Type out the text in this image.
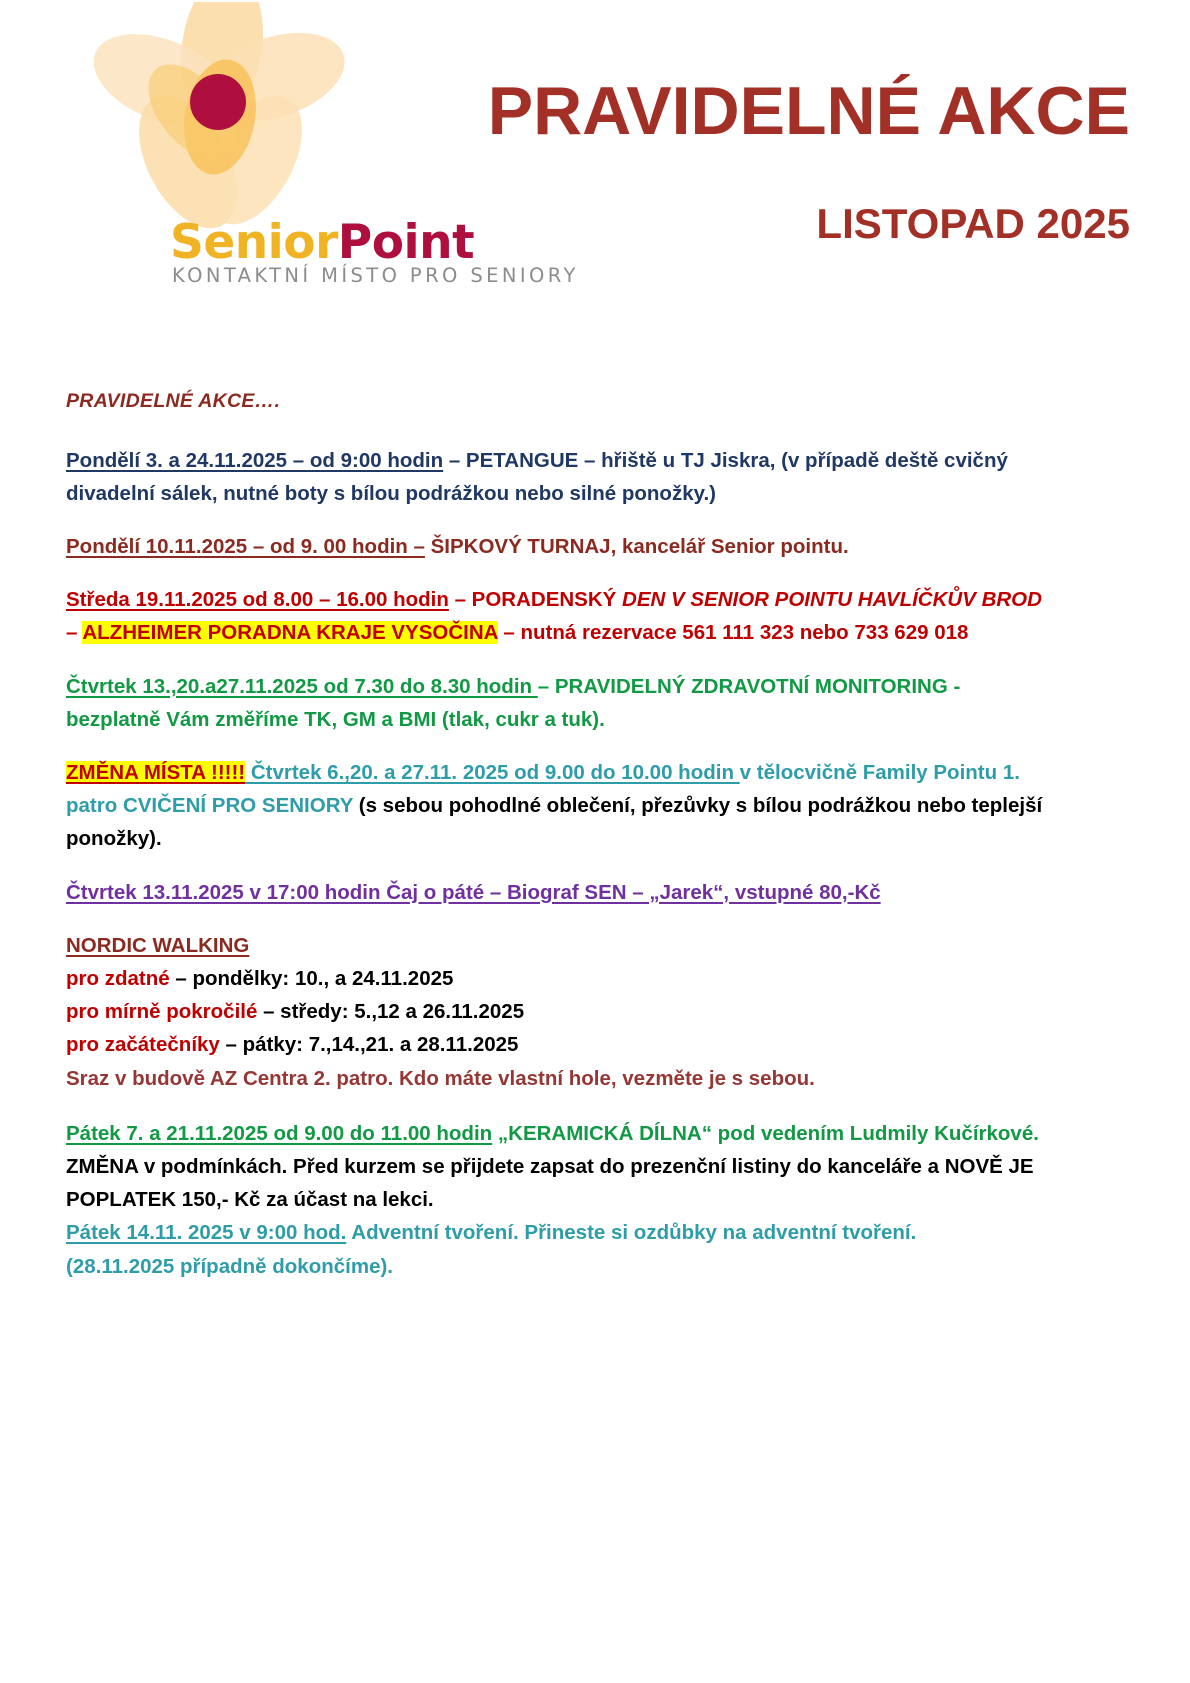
SeniorPoint
KONTAKTNÍ MÍSTO PRO SENIORY
PRAVIDELNÉ AKCE
LISTOPAD 2025

PRAVIDELNÉ AKCE….

Pondělí 3. a 24.11.2025 – od 9:00 hodin – PETANGUE – hřiště u TJ Jiskra, (v případě deště cvičný divadelní sálek, nutné boty s bílou podrážkou nebo silné ponožky.)

Pondělí 10.11.2025 – od 9. 00 hodin – ŠIPKOVÝ TURNAJ, kancelář Senior pointu.

Středa 19.11.2025 od 8.00 – 16.00 hodin – PORADENSKÝ DEN V SENIOR POINTU HAVLÍČKŮV BROD – ALZHEIMER PORADNA KRAJE VYSOČINA – nutná rezervace 561 111 323 nebo 733 629 018

Čtvrtek 13.,20.a27.11.2025 od 7.30 do 8.30 hodin – PRAVIDELNÝ ZDRAVOTNÍ MONITORING - bezplatně Vám změříme TK, GM a BMI (tlak, cukr a tuk).

ZMĚNA MÍSTA !!!!! Čtvrtek 6.,20. a 27.11. 2025 od 9.00 do 10.00 hodin v tělocvičně Family Pointu 1. patro CVIČENÍ PRO SENIORY (s sebou pohodlné oblečení, přezůvky s bílou podrážkou nebo teplejší ponožky).

Čtvrtek 13.11.2025 v 17:00 hodin Čaj o páté – Biograf SEN – „Jarek“, vstupné 80,-Kč

NORDIC WALKING

pro zdatné – pondělky: 10., a 24.11.2025

pro mírně pokročilé – středy: 5.,12 a 26.11.2025

pro začátečníky – pátky: 7.,14.,21. a 28.11.2025

Sraz v budově AZ Centra 2. patro. Kdo máte vlastní hole, vezměte je s sebou.

Pátek 7. a 21.11.2025 od 9.00 do 11.00 hodin „KERAMICKÁ DÍLNA“ pod vedením Ludmily Kučírkové. ZMĚNA v podmínkách. Před kurzem se přijdete zapsat do prezenční listiny do kanceláře a NOVĚ JE POPLATEK 150,- Kč za účast na lekci.

Pátek 14.11. 2025 v 9:00 hod. Adventní tvoření. Přineste si ozdůbky na adventní tvoření.

(28.11.2025 případně dokončíme).
